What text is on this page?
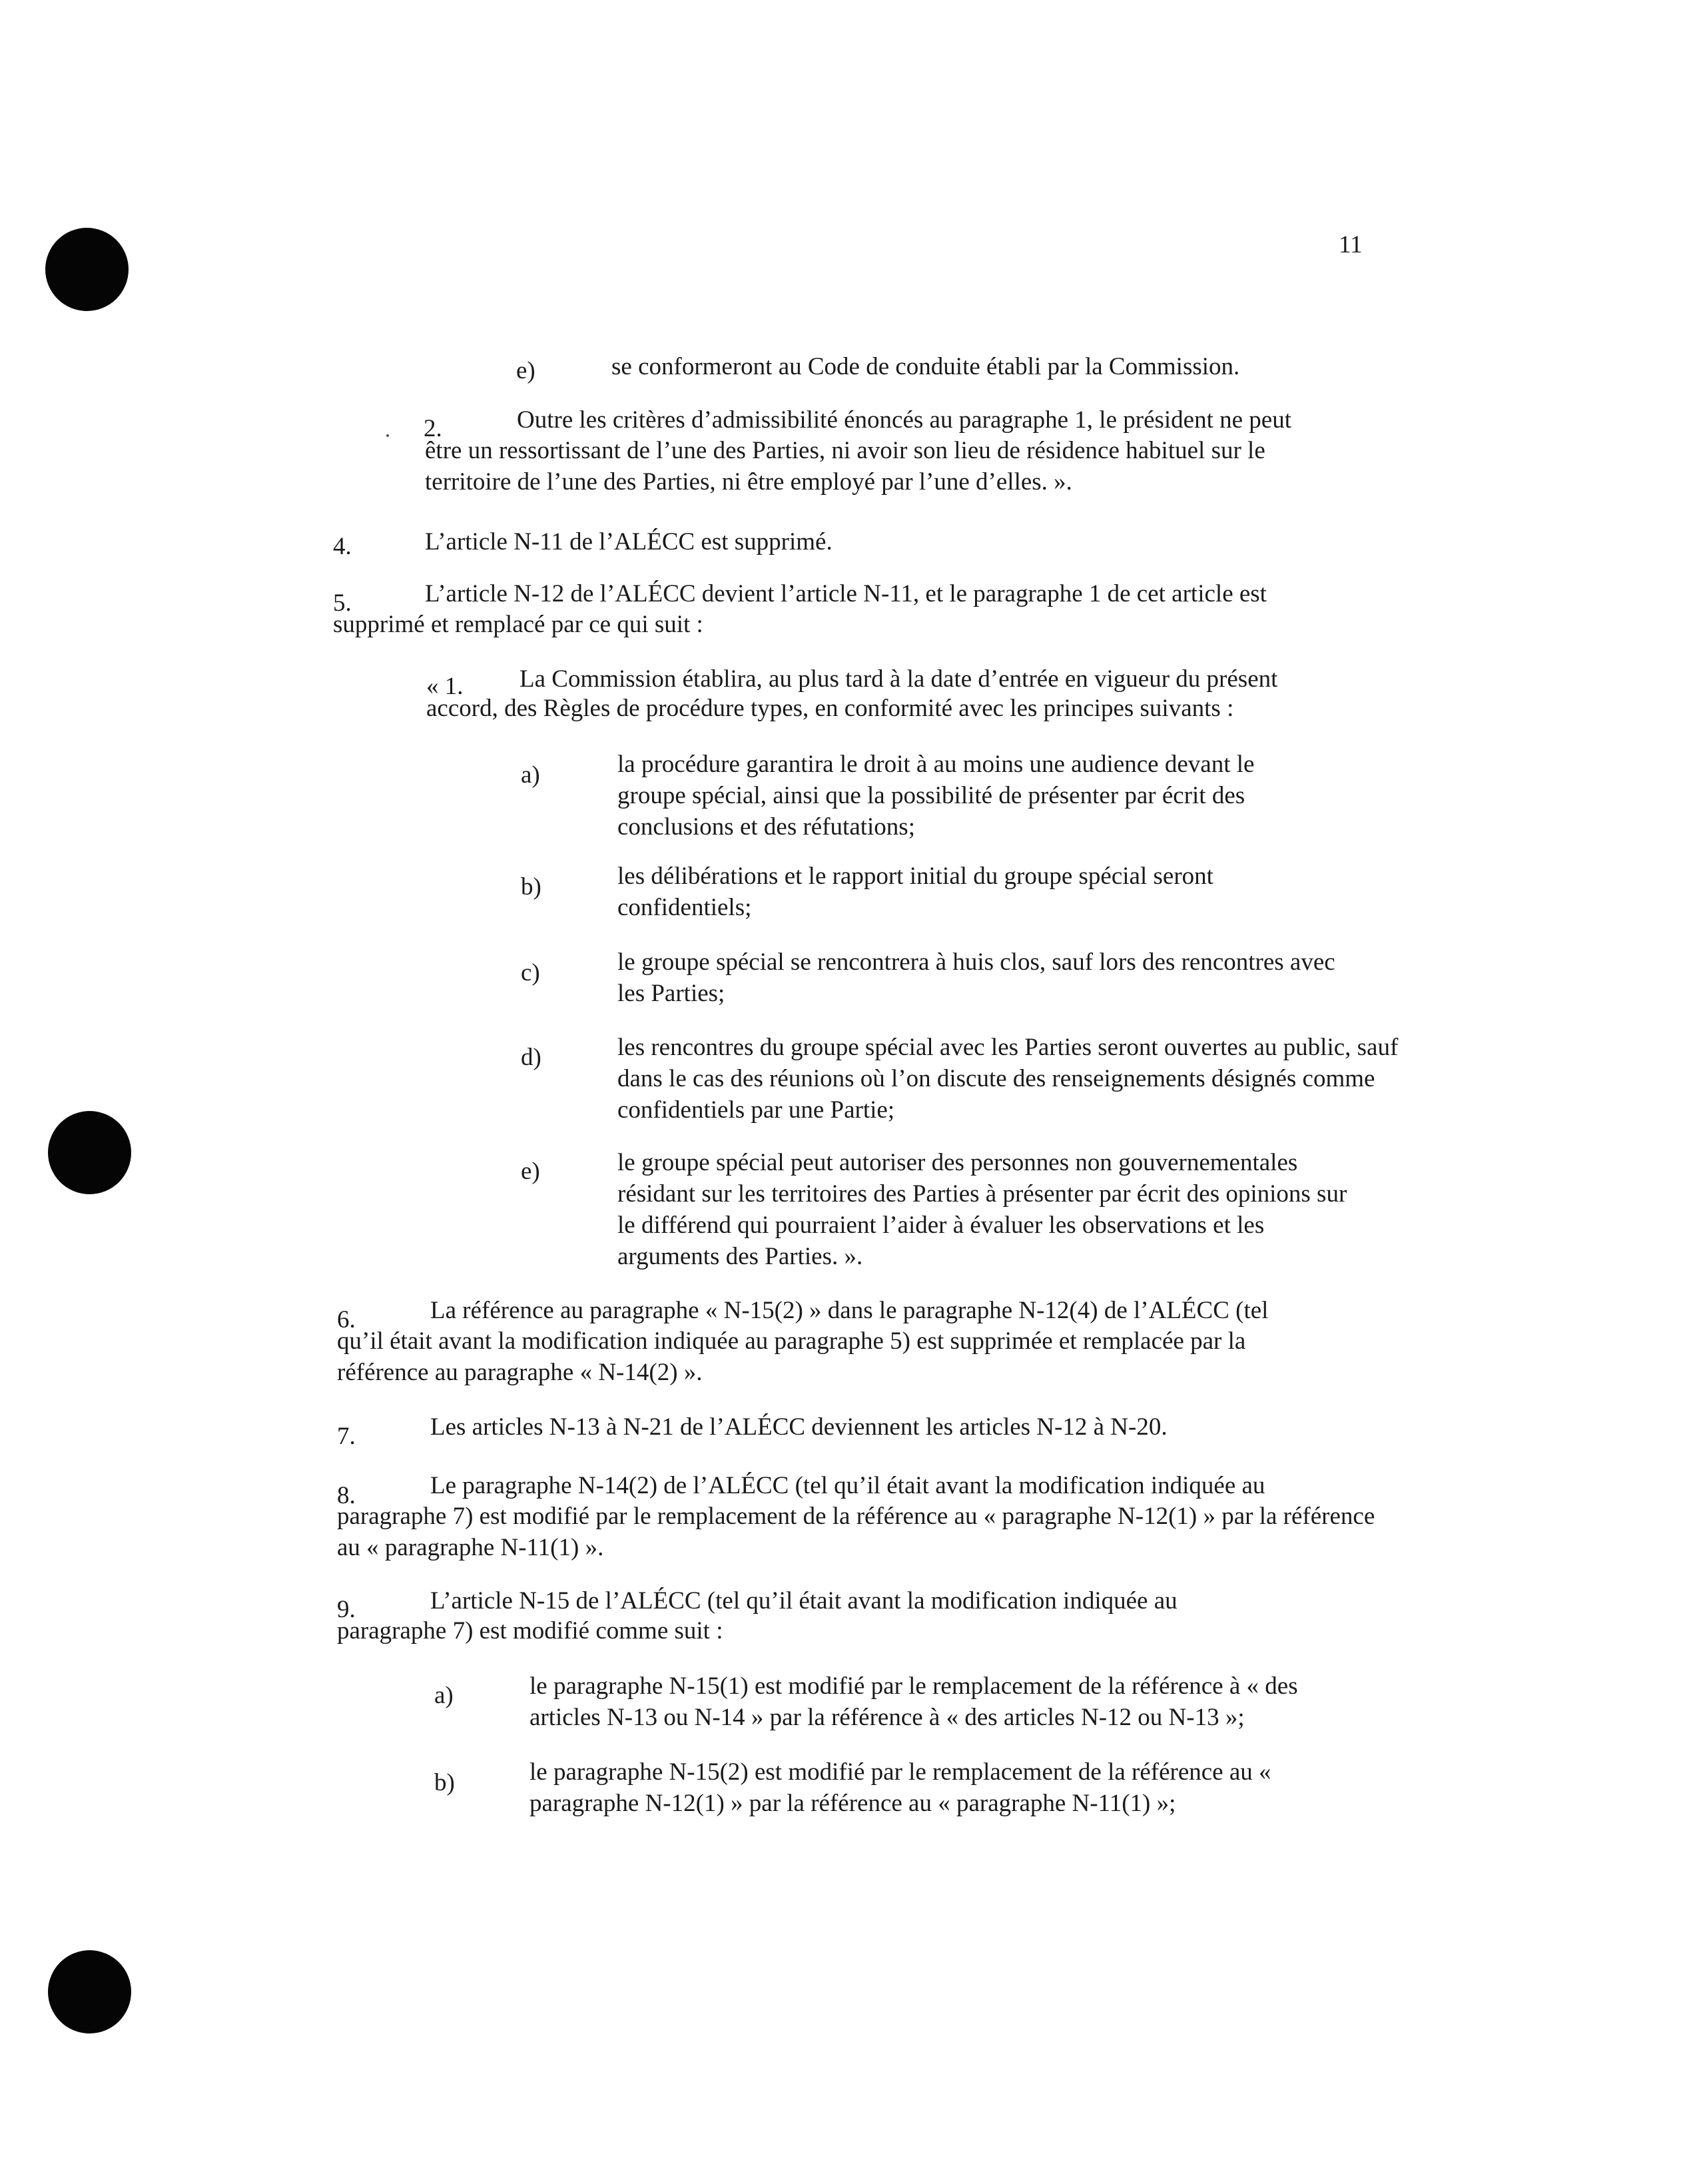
11
e)	se conformeront au Code de conduite établi par la Commission.
2.	Outre les critères d’admissibilité énoncés au paragraphe 1, le président ne peut
être un ressortissant de l’une des Parties, ni avoir son lieu de résidence habituel sur le territoire de l’une des Parties, ni être employé par l’une d’elles. ».
4.	L’article N-11 de l’ALÉCC est supprimé.
5.	L’article N-12 de l’ALÉCC devient l’article N-11, et le paragraphe 1 de cet article est
supprimé et remplacé par ce qui suit :
« 1. La Commission établira, au plus tard à la date d’entrée en vigueur du présent
accord, des Règles de procédure types, en conformité avec les principes suivants :
a)	la procédure garantira le droit à au moins une audience devant le groupe spécial, ainsi que la possibilité de présenter par écrit des conclusions et des réfutations;
b)	les délibérations et le rapport initial du groupe spécial seront confidentiels;
c)	le groupe spécial se rencontrera à huis clos, sauf lors des rencontres avec les Parties;
d)	les rencontres du groupe spécial avec les Parties seront ouvertes au public, sauf dans le cas des réunions où l’on discute des renseignements désignés comme confidentiels par une Partie;
e)	le groupe spécial peut autoriser des personnes non gouvernementales résidant sur les territoires des Parties à présenter par écrit des opinions sur le différend qui pourraient l’aider à évaluer les observations et les arguments des Parties. ».
6.	La référence au paragraphe « N-15(2) » dans le paragraphe N-12(4) de l’ALÉCC (tel
qu’il était avant la modification indiquée au paragraphe 5) est supprimée et remplacée par la référence au paragraphe « N-14(2) ».
7.	Les articles N-13 à N-21 de l’ALÉCC deviennent les articles N-12 à N-20.
8.	Le paragraphe N-14(2) de l’ALÉCC (tel qu’il était avant la modification indiquée au
paragraphe 7) est modifié par le remplacement de la référence au « paragraphe N-12(1) » par la référence au « paragraphe N-11(1) ».
9.	L’article N-15 de l’ALÉCC (tel qu’il était avant la modification indiquée au
paragraphe 7) est modifié comme suit :
a)	le paragraphe N-15(1) est modifié par le remplacement de la référence à « des articles N-13 ou N-14 » par la référence à « des articles N-12 ou N-13 »;
b)	le paragraphe N-15(2) est modifié par le remplacement de la référence au « paragraphe N-12(1) » par la référence au « paragraphe N-11(1) »;
